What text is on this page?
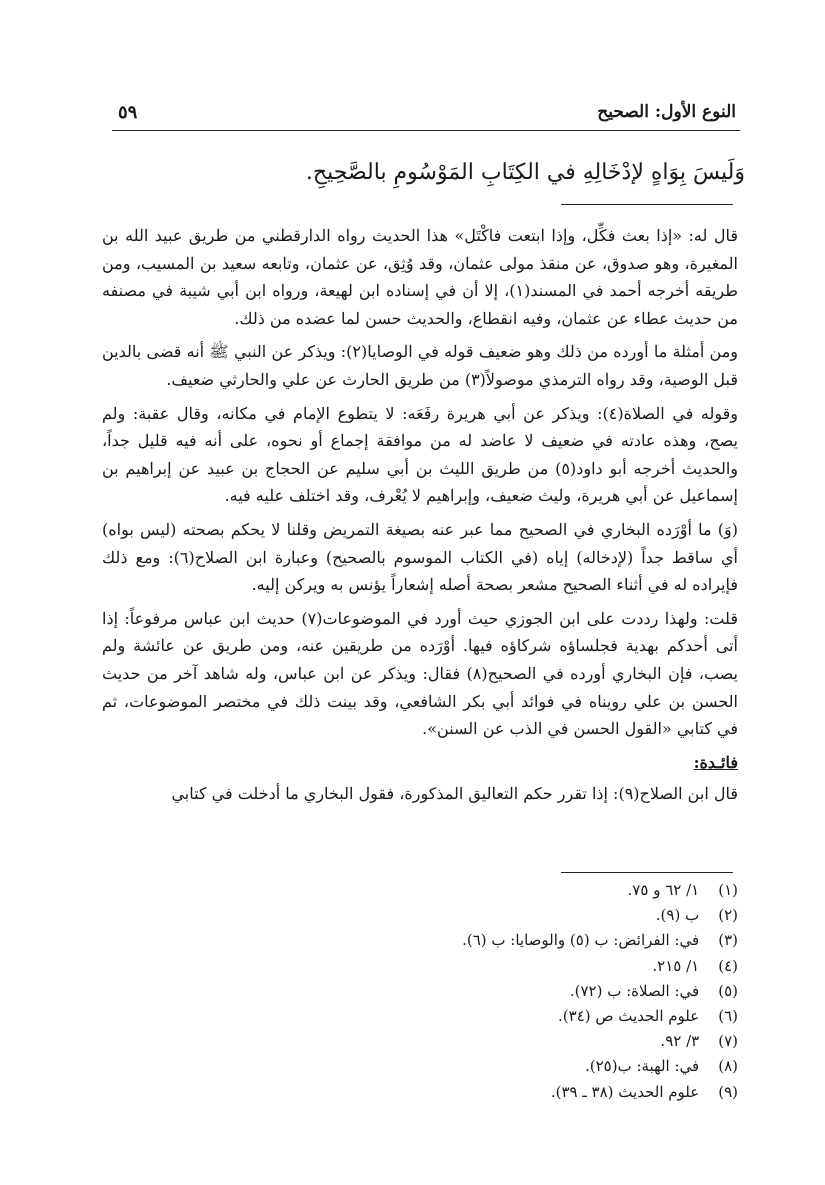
النوع الأول: الصحيح
٥٩
وَلَيسَ بِوَاهٍ لإدْخَالِهِ في الكِتَابِ المَوْسُومِ بالصَّحِيحِ.

قال له: «إذا بعث فكِّل، وإذا ابتعت فاكْتَل» هذا الحديث رواه الدارقطني من طريق عبيد الله بن المغيرة، وهو صدوق، عن منقذ مولى عثمان، وقد وُثِق، عن عثمان، وتابعه سعيد بن المسيب، ومن طريقه أخرجه أحمد في المسند(١)، إلا أن في إسناده ابن لهيعة، ورواه ابن أبي شيبة في مصنفه من حديث عطاء عن عثمان، وفيه انقطاع، والحديث حسن لما عضده من ذلك.

ومن أمثلة ما أورده من ذلك وهو ضعيف قوله في الوصايا(٢): ويذكر عن النبي ﷺ أنه قضى بالدين قبل الوصية، وقد رواه الترمذي موصولاً(٣) من طريق الحارث عن علي والحارثي ضعيف.

وقوله في الصلاة(٤): ويذكر عن أبي هريرة رفَعَه: لا يتطوع الإمام في مكانه، وقال عقبة: ولم يصح، وهذه عادته في ضعيف لا عاضد له من موافقة إجماع أو نحوه، على أنه فيه قليل جداً، والحديث أخرجه أبو داود(٥) من طريق الليث بن أبي سليم عن الحجاج بن عبيد عن إبراهيم بن إسماعيل عن أبي هريرة، وليث ضعيف، وإبراهيم لا يُعْرف، وقد اختلف عليه فيه.

(وَ) ما أوْرَده البخاري في الصحيح مما عبر عنه بصيغة التمريض وقلنا لا يحكم بصحته (ليس بواه) أي ساقط جداً (لإدخاله) إياه (في الكتاب الموسوم بالصحيح) وعبارة ابن الصلاح(٦): ومع ذلك فإيراده له في أثناء الصحيح مشعر بصحة أصله إشعاراً يؤنس به ويركن إليه.

قلت: ولهذا رددت على ابن الجوزي حيث أورد في الموضوعات(٧) حديث ابن عباس مرفوعاً: إذا أتى أحدكم بهدية فجلساؤه شركاؤه فيها. أوْرَده من طريقين عنه، ومن طريق عن عائشة ولم يصب، فإن البخاري أورده في الصحيح(٨) فقال: ويذكر عن ابن عباس، وله شاهد آخر من حديث الحسن بن علي رويناه في فوائد أبي بكر الشافعي، وقد بينت ذلك في مختصر الموضوعات، ثم في كتابي «القول الحسن في الذب عن السنن».

فائـدة:

قال ابن الصلاح(٩): إذا تقرر حكم التعاليق المذكورة، فقول البخاري ما أدخلت في كتابي

(١) ١/ ٦٢ و ٧٥.
(٢) ب (٩).
(٣) في: الفرائض: ب (٥) والوصايا: ب (٦).
(٤) ١/ ٢١٥.
(٥) في: الصلاة: ب (٧٢).
(٦) علوم الحديث ص (٣٤).
(٧) ٣/ ٩٢.
(٨) في: الهبة: ب(٢٥).
(٩) علوم الحديث (٣٨ ـ ٣٩).
